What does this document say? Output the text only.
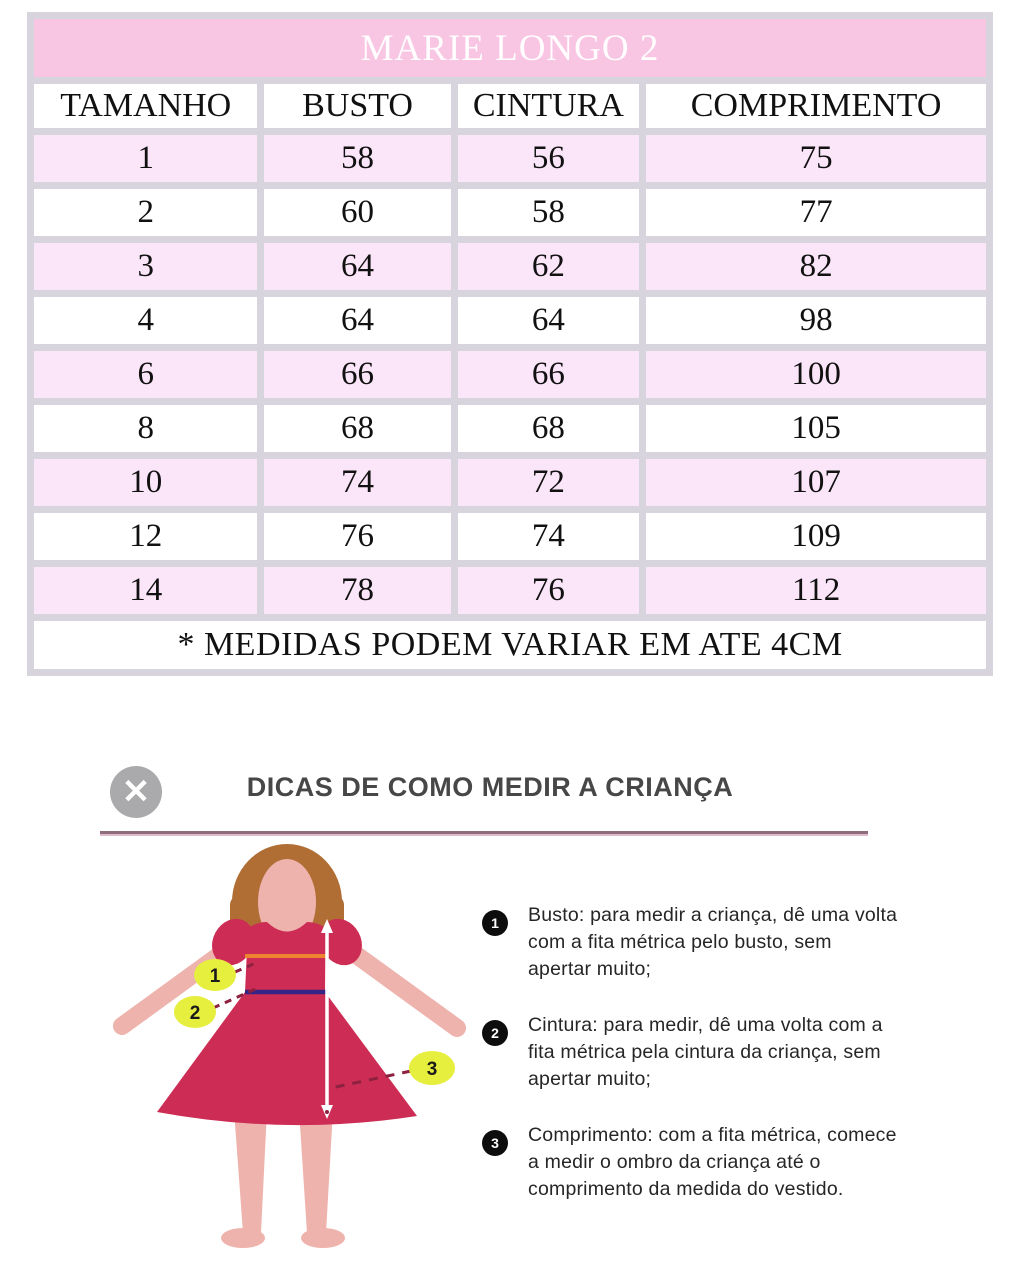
MARIE LONGO 2			
TAMANHO	BUSTO	CINTURA	COMPRIMENTO
1	58	56	75
2	60	58	77
3	64	62	82
4	64	64	98
6	66	66	100
8	68	68	105
10	74	72	107
12	76	74	109
14	78	76	112
* MEDIDAS PODEM VARIAR EM ATE 4CM			
✕	DICAS DE COMO MEDIR A CRIANÇA
1
2
3
1	Busto: para medir a criança, dê uma volta com a fita métrica pelo busto, sem apertar muito;
2	Cintura: para medir, dê uma volta com a fita métrica pela cintura da criança, sem apertar muito;
3	Comprimento: com a fita métrica, comece a medir o ombro da criança até o comprimento da medida do vestido.
